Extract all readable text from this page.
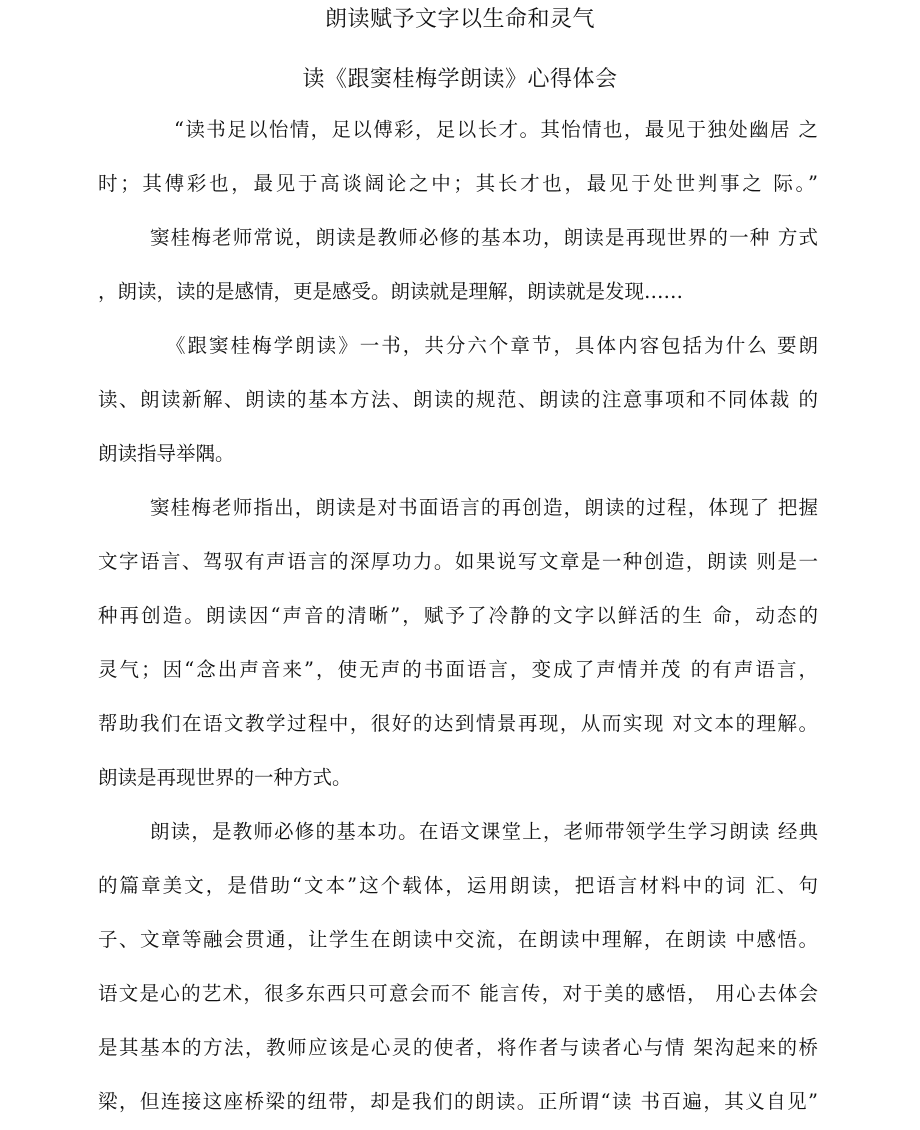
朗读赋予文字以生命和灵气
读《跟窦桂梅学朗读》心得体会
“读书足以怡情，足以傅彩，足以长才。其怡情也，最见于独处幽居 之
时；其傅彩也，最见于高谈阔论之中；其长才也，最见于处世判事之 际。”
窦桂梅老师常说，朗读是教师必修的基本功，朗读是再现世界的一种 方式
，朗读，读的是感情，更是感受。朗读就是理解，朗读就是发现……
《跟窦桂梅学朗读》一书，共分六个章节，具体内容包括为什么 要朗
读、朗读新解、朗读的基本方法、朗读的规范、朗读的注意事项和不同体裁 的
朗读指导举隅。
窦桂梅老师指出，朗读是对书面语言的再创造，朗读的过程，体现了 把握
文字语言、驾驭有声语言的深厚功力。如果说写文章是一种创造，朗读 则是一
种再创造。朗读因“声音的清晰”，赋予了冷静的文字以鲜活的生 命，动态的
灵气；因“念出声音来”，使无声的书面语言，变成了声情并茂 的有声语言，
帮助我们在语文教学过程中，很好的达到情景再现，从而实现 对文本的理解。
朗读是再现世界的一种方式。
朗读，是教师必修的基本功。在语文课堂上，老师带领学生学习朗读 经典
的篇章美文，是借助“文本”这个载体，运用朗读，把语言材料中的词 汇、句
子、文章等融会贯通，让学生在朗读中交流，在朗读中理解，在朗读 中感悟。
语文是心的艺术，很多东西只可意会而不 能言传，对于美的感悟， 用心去体会
是其基本的方法，教师应该是心灵的使者，将作者与读者心与情 架沟起来的桥
梁，但连接这座桥梁的纽带，却是我们的朗读。正所谓“读 书百遍，其义自见”
